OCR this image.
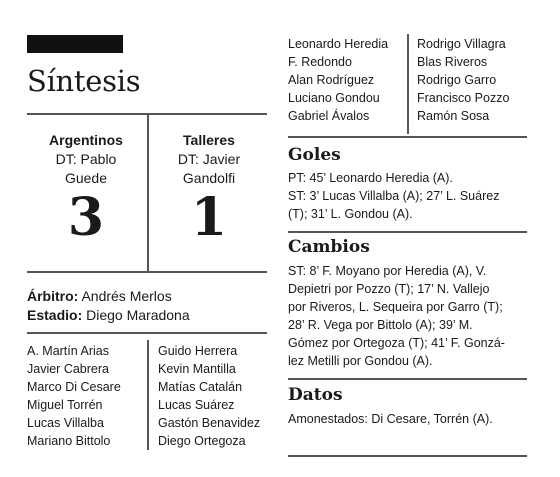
Síntesis
Argentinos
DT: Pablo
Guede
3
Talleres
DT: Javier
Gandolfi
1
Árbitro: Andrés Merlos
Estadio: Diego Maradona
A. Martín Arias
Javier Cabrera
Marco Di Cesare
Miguel Torrén
Lucas Villalba
Mariano Bittolo
Guido Herrera
Kevin Mantilla
Matías Catalán
Lucas Suárez
Gastón Benavidez
Diego Ortegoza
Leonardo Heredia
F. Redondo
Alan Rodríguez
Luciano Gondou
Gabriel Ávalos
Rodrigo Villagra
Blas Riveros
Rodrigo Garro
Francisco Pozzo
Ramón Sosa
Goles
PT: 45’ Leonardo Heredia (A).
ST: 3’ Lucas Villalba (A); 27’ L. Suárez
(T); 31’ L. Gondou (A).
Cambios
ST: 8’ F. Moyano por Heredia (A), V.
Depietri por Pozzo (T); 17’ N. Vallejo
por Riveros, L. Sequeira por Garro (T);
28’ R. Vega por Bittolo (A); 39’ M.
Gómez por Ortegoza (T); 41’ F. Gonzá-
lez Metilli por Gondou (A).
Datos
Amonestados: Di Cesare, Torrén (A).
